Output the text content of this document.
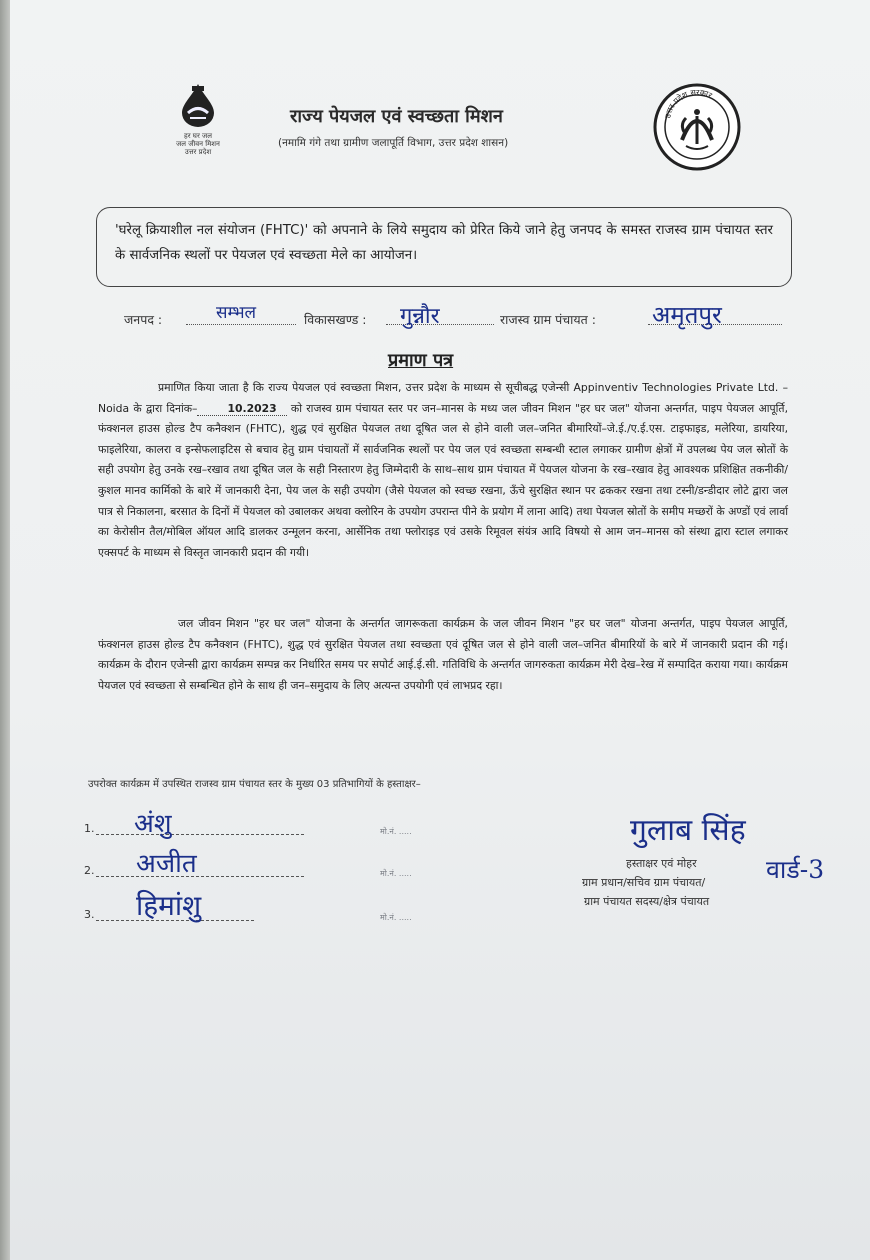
हर घर जल
जल जीवन मिशन
उत्तर प्रदेश
राज्य पेयजल एवं स्वच्छता मिशन
(नमामि गंगे तथा ग्रामीण जलापूर्ति विभाग, उत्तर प्रदेश शासन)
उत्तर प्रदेश सरकार

'घरेलू क्रियाशील नल संयोजन (FHTC)' को अपनाने के लिये समुदाय को प्रेरित किये जाने हेतु जनपद के समस्त राजस्व ग्राम पंचायत स्तर के सार्वजनिक स्थलों पर पेयजल एवं स्वच्छता मेले का आयोजन।

जनपद :	सम्भल	विकासखण्ड : गुन्नौर	राजस्व ग्राम पंचायत : अमृतपुर
प्रमाण पत्र

प्रमाणित किया जाता है कि राज्य पेयजल एवं स्वच्छता मिशन, उत्तर प्रदेश के माध्यम से सूचीबद्ध एजेन्सी Appinventiv Technologies Private Ltd. – Noida के द्वारा दिनांक–	10.2023 को राजस्व ग्राम पंचायत स्तर पर जन–मानस के मध्य जल जीवन मिशन "हर घर जल" योजना अन्तर्गत, पाइप पेयजल आपूर्ति, फंक्शनल हाउस होल्ड टैप कनैक्शन (FHTC), शुद्ध एवं सुरक्षित पेयजल तथा दूषित जल से होने वाली जल–जनित बीमारियों–जे.ई./ए.ई.एस. टाइफाइड, मलेरिया, डायरिया, फाइलेरिया, कालरा व इन्सेफलाइटिस से बचाव हेतु ग्राम पंचायतों में सार्वजनिक स्थलों पर पेय जल एवं स्वच्छता सम्बन्धी स्टाल लगाकर ग्रामीण क्षेत्रों में उपलब्ध पेय जल स्रोतों के सही उपयोग हेतु उनके रख–रखाव तथा दूषित जल के सही निस्तारण हेतु जिम्मेदारी के साथ–साथ ग्राम पंचायत में पेयजल योजना के रख–रखाव हेतु आवश्यक प्रशिक्षित तकनीकी/कुशल मानव कार्मिको के बारे में जानकारी देना, पेय जल के सही उपयोग (जैसे पेयजल को स्वच्छ रखना, ऊँचे सुरक्षित स्थान पर ढककर रखना तथा टस्नी/डन्डीदार लोटे द्वारा जल पात्र से निकालना, बरसात के दिनों में पेयजल को उबालकर अथवा क्लोरिन के उपयोग उपरान्त पीने के प्रयोग में लाना आदि) तथा पेयजल स्रोतों के समीप मच्छरों के अण्डों एवं लार्वा का केरोसीन तैल/मोबिल ऑयल आदि डालकर उन्मूलन करना, आर्सेनिक तथा फ्लोराइड एवं उसके रिमूवल संयंत्र आदि विषयो से आम जन–मानस को संस्था द्वारा स्टाल लगाकर एक्सपर्ट के माध्यम से विस्तृत जानकारी प्रदान की गयी।

जल जीवन मिशन "हर घर जल" योजना के अन्तर्गत जागरूकता कार्यक्रम के जल जीवन मिशन "हर घर जल" योजना अन्तर्गत, पाइप पेयजल आपूर्ति, फंक्शनल हाउस होल्ड टैप कनैक्शन (FHTC), शुद्ध एवं सुरक्षित पेयजल तथा स्वच्छता एवं दूषित जल से होने वाली जल–जनित बीमारियों के बारे में जानकारी प्रदान की गई। कार्यक्रम के दौरान एजेन्सी द्वारा कार्यक्रम सम्पन्न कर निर्धारित समय पर सपोर्ट आई.ई.सी. गतिविधि के अन्तर्गत जागरुकता कार्यक्रम मेरी देख–रेख में सम्पादित कराया गया। कार्यक्रम पेयजल एवं स्वच्छता से सम्बन्धित होने के साथ ही जन–समुदाय के लिए अत्यन्त उपयोगी एवं लाभप्रद रहा।

उपरोक्त कार्यक्रम में उपस्थित राजस्व ग्राम पंचायत स्तर के मुख्य 03 प्रतिभागियों के हस्ताक्षर–
1. अंशु	मो.नं. .....
2. अजीत	मो.नं. .....
3. हिमांशु	मो.नं. .....
गुलाब सिंह
हस्ताक्षर एवं मोहर
ग्राम प्रधान/सचिव ग्राम पंचायत/
ग्राम पंचायत सदस्य/क्षेत्र पंचायत
वार्ड-3
